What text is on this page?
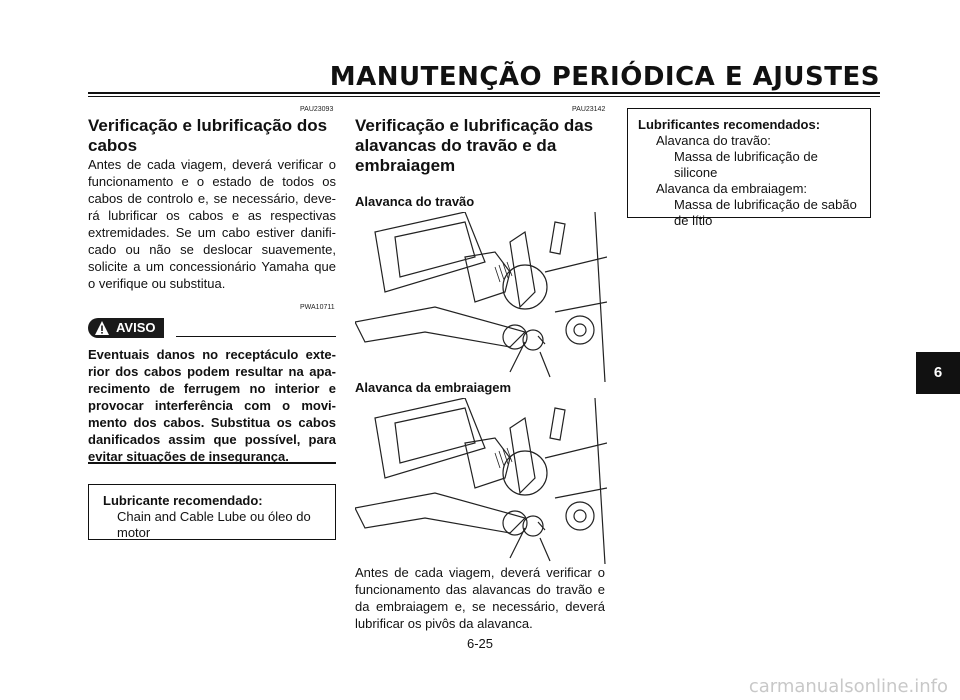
MANUTENÇÃO PERIÓDICA E AJUSTES
PAU23093
Verificação e lubrificação dos cabos
Antes de cada viagem, deverá verificar o funcionamento e o estado de todos os cabos de controlo e, se necessário, deve-rá lubrificar os cabos e as respectivas extremidades. Se um cabo estiver danifi-cado ou não se deslocar suavemente, solicite a um concessionário Yamaha que o verifique ou substitua.
PWA10711
AVISO
Eventuais danos no receptáculo exte-rior dos cabos podem resultar na apa-recimento de ferrugem no interior e provocar interferência com o movi-mento dos cabos. Substitua os cabos danificados assim que possível, para evitar situações de insegurança.
Lubricante recomendado:
Chain and Cable Lube ou óleo do motor
PAU23142
Verificação e lubrificação das alavancas do travão e da embraiagem
Alavanca do travão
Alavanca da embraiagem
Antes de cada viagem, deverá verificar o funcionamento das alavancas do travão e da embraiagem e, se necessário, deverá lubrificar os pivôs da alavanca.
Lubrificantes recomendados:
Alavanca do travão:
Massa de lubrificação de silicone
Alavanca da embraiagem:
Massa de lubrificação de sabão de lítio
6
6-25
carmanualsonline.info
